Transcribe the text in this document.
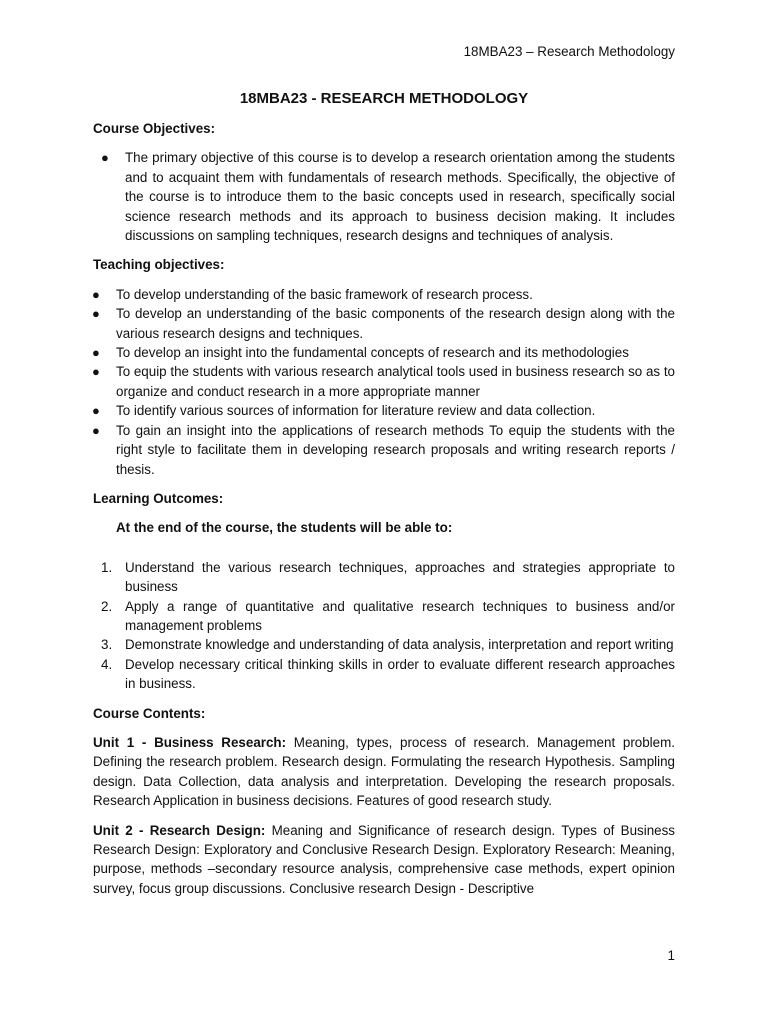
18MBA23 – Research Methodology
18MBA23 - RESEARCH METHODOLOGY
Course Objectives:
● The primary objective of this course is to develop a research orientation among the students and to acquaint them with fundamentals of research methods. Specifically, the objective of the course is to introduce them to the basic concepts used in research, specifically social science research methods and its approach to business decision making. It includes discussions on sampling techniques, research designs and techniques of analysis.
Teaching objectives:
● To develop understanding of the basic framework of research process.
● To develop an understanding of the basic components of the research design along with the various research designs and techniques.
● To develop an insight into the fundamental concepts of research and its methodologies
● To equip the students with various research analytical tools used in business research so as to organize and conduct research in a more appropriate manner
● To identify various sources of information for literature review and data collection.
● To gain an insight into the applications of research methods To equip the students with the right style to facilitate them in developing research proposals and writing research reports / thesis.
Learning Outcomes:
At the end of the course, the students will be able to:
1. Understand the various research techniques, approaches and strategies appropriate to business
2. Apply a range of quantitative and qualitative research techniques to business and/or management problems
3. Demonstrate knowledge and understanding of data analysis, interpretation and report writing
4. Develop necessary critical thinking skills in order to evaluate different research approaches in business.
Course Contents:
Unit 1 - Business Research: Meaning, types, process of research. Management problem. Defining the research problem. Research design. Formulating the research Hypothesis. Sampling design. Data Collection, data analysis and interpretation. Developing the research proposals. Research Application in business decisions. Features of good research study.
Unit 2 - Research Design: Meaning and Significance of research design. Types of Business Research Design: Exploratory and Conclusive Research Design. Exploratory Research: Meaning, purpose, methods –secondary resource analysis, comprehensive case methods, expert opinion survey, focus group discussions. Conclusive research Design - Descriptive
1
